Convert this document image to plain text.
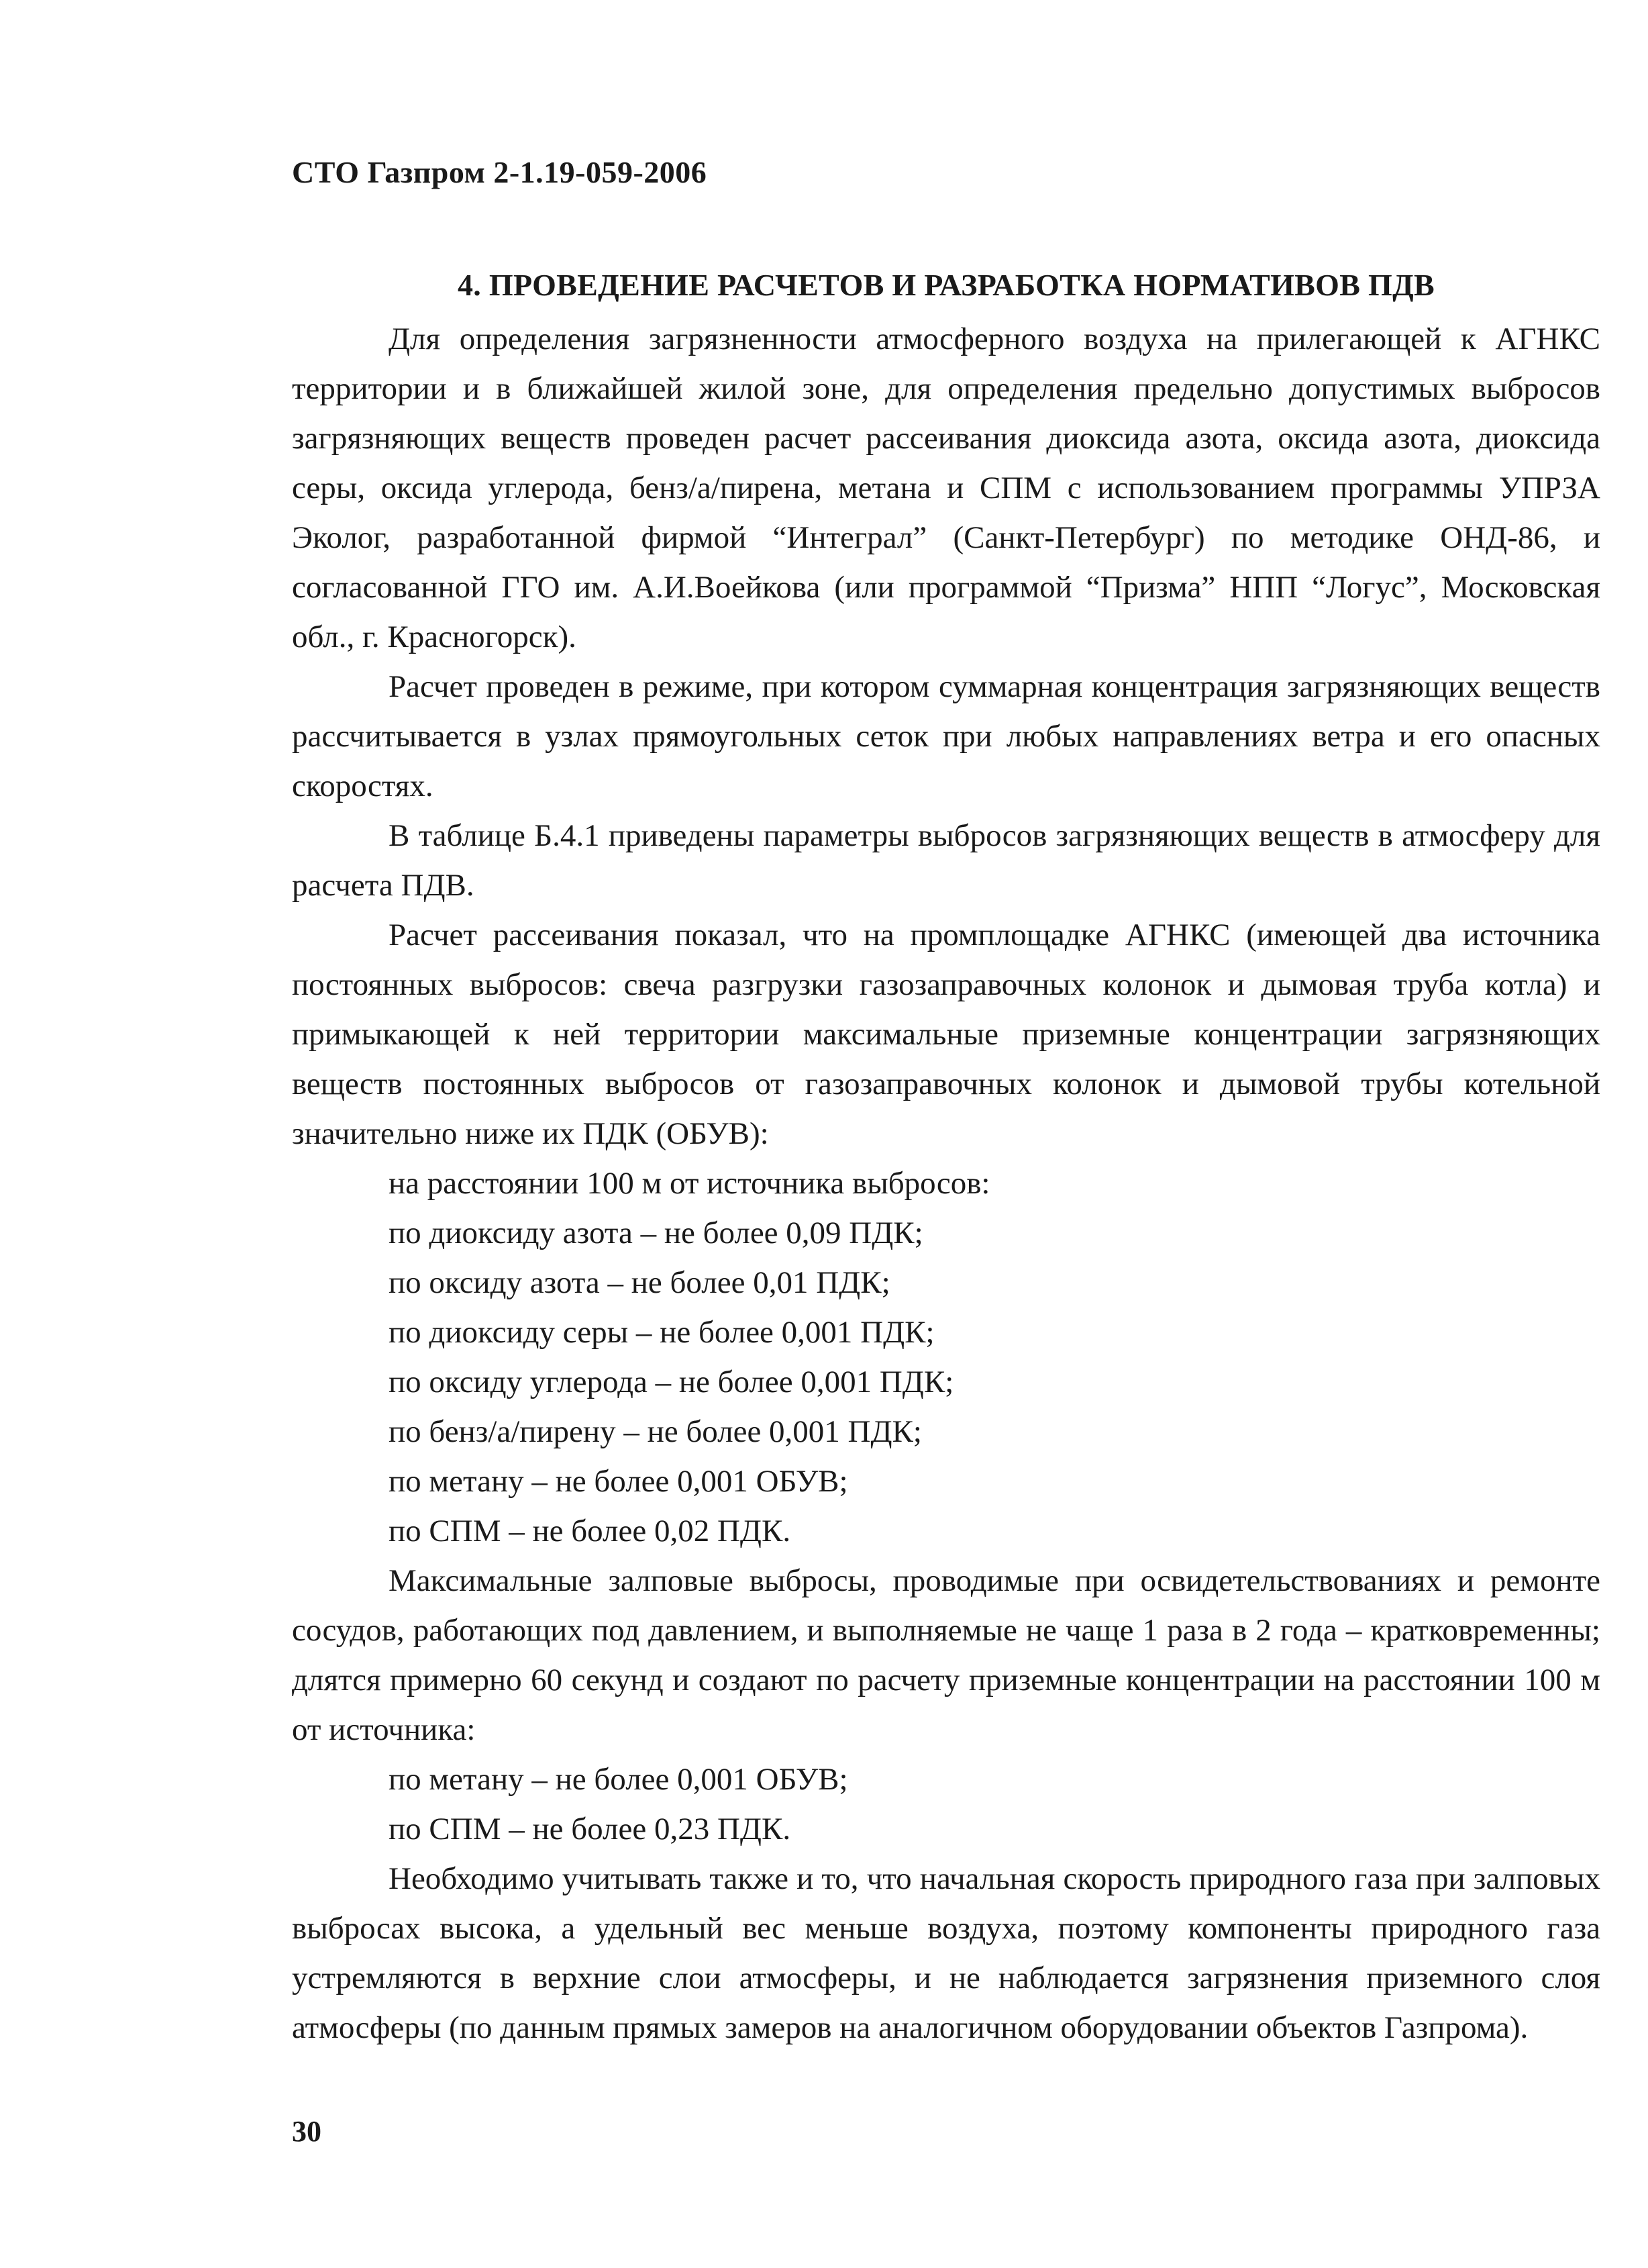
СТО Газпром 2-1.19-059-2006
4. ПРОВЕДЕНИЕ РАСЧЕТОВ И РАЗРАБОТКА НОРМАТИВОВ ПДВ

Для определения загрязненности атмосферного воздуха на прилегающей к АГНКС территории и в ближайшей жилой зоне, для определения предельно допустимых выбросов загрязняющих веществ проведен расчет рассеивания диоксида азота, оксида азота, диоксида серы, оксида углерода, бенз/а/пирена, метана и СПМ с использованием программы УПРЗА Эколог, разработанной фирмой “Интеграл” (Санкт-Петербург) по методике ОНД-86, и согласованной ГГО им. А.И.Воейкова (или программой “Призма” НПП “Логус”, Московская обл., г. Красногорск).

Расчет проведен в режиме, при котором суммарная концентрация загрязняющих веществ рассчитывается в узлах прямоугольных сеток при любых направлениях ветра и его опасных скоростях.

В таблице Б.4.1 приведены параметры выбросов загрязняющих веществ в атмосферу для расчета ПДВ.

Расчет рассеивания показал, что на промплощадке АГНКС (имеющей два источника постоянных выбросов: свеча разгрузки газозаправочных колонок и дымовая труба котла) и примыкающей к ней территории максимальные приземные концентрации загрязняющих веществ постоянных выбросов от газозаправочных колонок и дымовой трубы котельной значительно ниже их ПДК (ОБУВ):

на расстоянии 100 м от источника выбросов:

по диоксиду азота – не более 0,09 ПДК;

по оксиду азота – не более 0,01 ПДК;

по диоксиду серы – не более 0,001 ПДК;

по оксиду углерода – не более 0,001 ПДК;

по бенз/а/пирену – не более 0,001 ПДК;

по метану – не более 0,001 ОБУВ;

по СПМ – не более 0,02 ПДК.

Максимальные залповые выбросы, проводимые при освидетельствованиях и ремонте сосудов, работающих под давлением, и выполняемые не чаще 1 раза в 2 года – кратковременны; длятся примерно 60 секунд и создают по расчету приземные концентрации на расстоянии 100 м от источника:

по метану – не более 0,001 ОБУВ;

по СПМ – не более 0,23 ПДК.

Необходимо учитывать также и то, что начальная скорость природного газа при залповых выбросах высока, а удельный вес меньше воздуха, поэтому компоненты природного газа устремляются в верхние слои атмосферы, и не наблюдается загрязнения приземного слоя атмосферы (по данным прямых замеров на аналогичном оборудовании объектов Газпрома).

30
